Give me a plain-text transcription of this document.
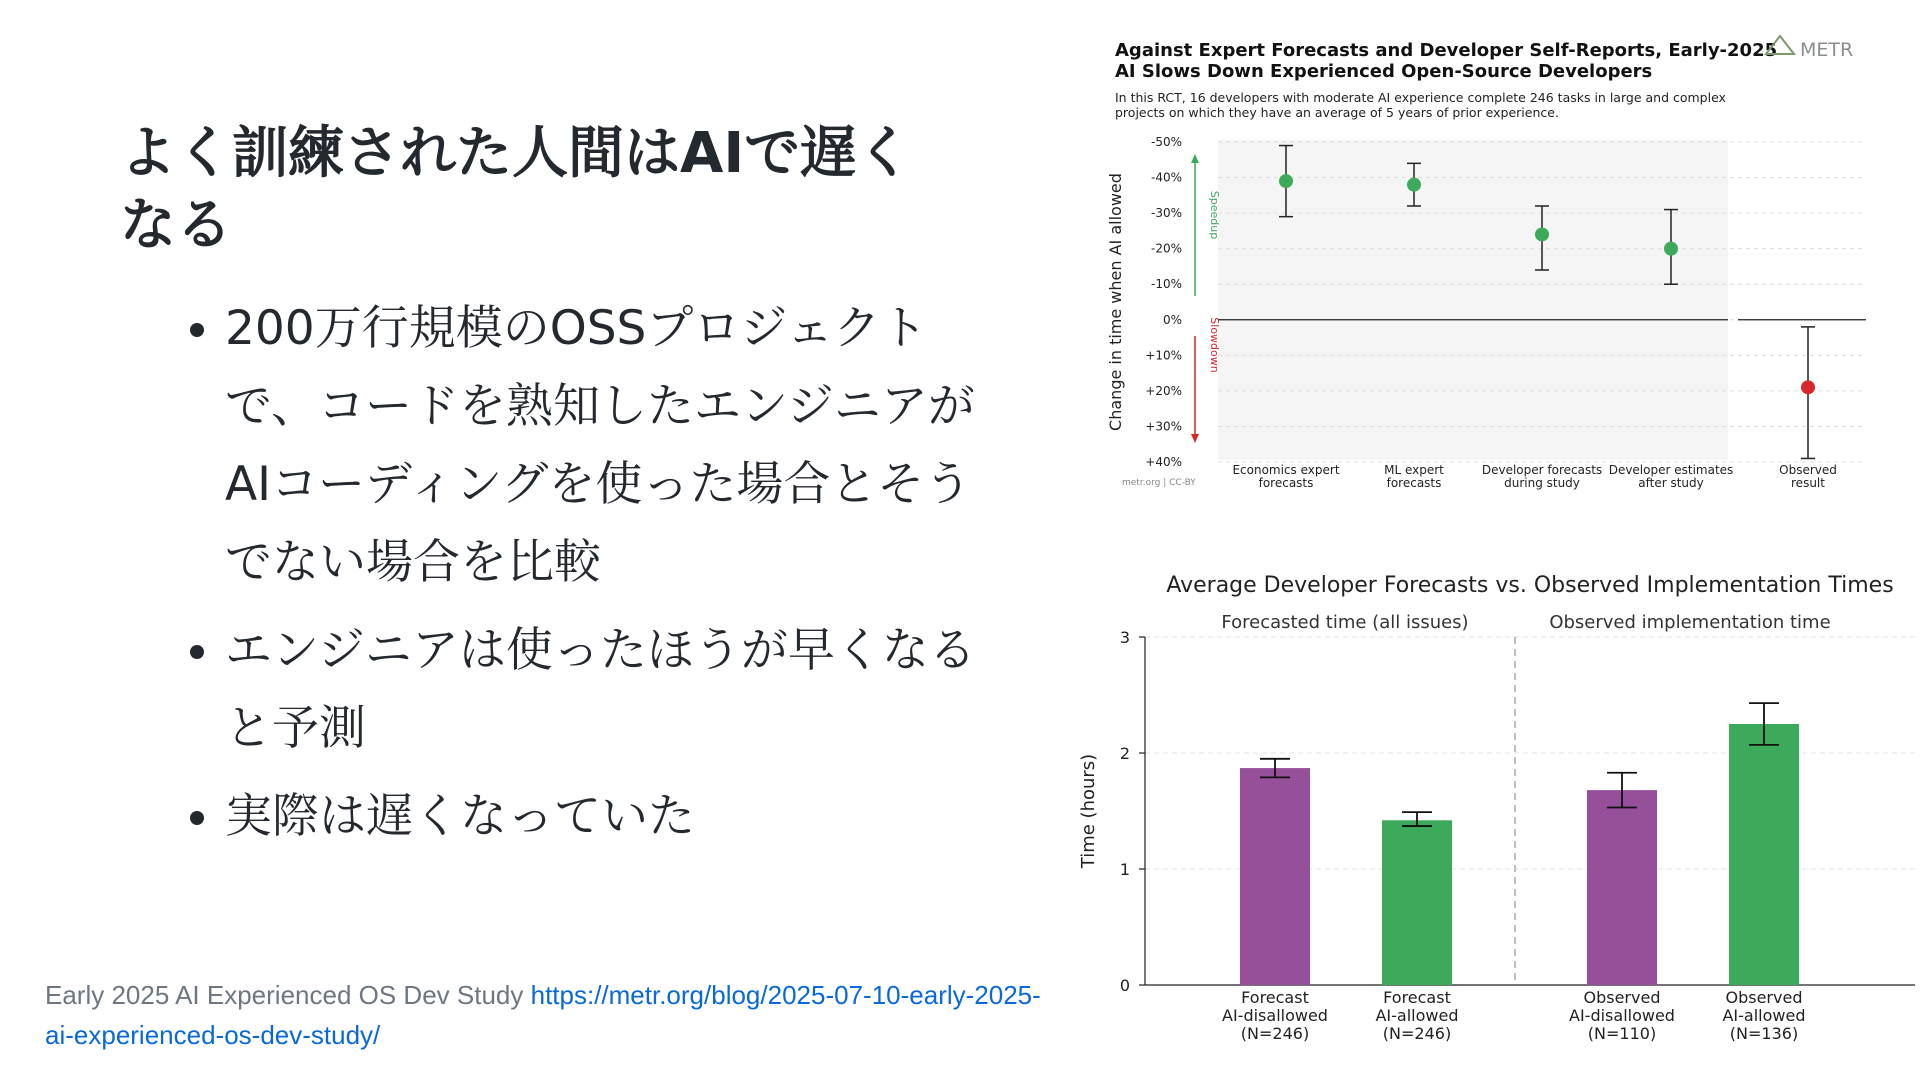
よく訓練された人間はAIで遅くなる
• 200万行規模のOSSプロジェクトで、コードを熟知したエンジニアがAIコーディングを使った場合とそうでない場合を比較
• エンジニアは使ったほうが早くなると予測
• 実際は遅くなっていた
Early 2025 AI Experienced OS Dev Study https://metr.org/blog/2025-07-10-early-2025-ai-experienced-os-dev-study/
Against Expert Forecasts and Developer Self-Reports, Early-2025
AI Slows Down Experienced Open-Source Developers
METR
In this RCT, 16 developers with moderate AI experience complete 246 tasks in large and complex
projects on which they have an average of 5 years of prior experience.
-50%
-40%
-30%
-20%
-10%
0%
+10%
+20%
+30%
+40%
Change in time when AI allowed	Speedup
Slowdown
Economics expert
forecasts
ML expert
forecasts
Developer forecasts
during study
Developer estimates
after study
Observed
result
metr.org | CC-BY
Average Developer Forecasts vs. Observed Implementation Times
Forecasted time (all issues)	Observed implementation time
0
1
2
3
Time (hours)
Forecast
AI-disallowed
(N=246)
Forecast
AI-allowed
(N=246)
Observed
AI-disallowed
(N=110)
Observed
AI-allowed
(N=136)
